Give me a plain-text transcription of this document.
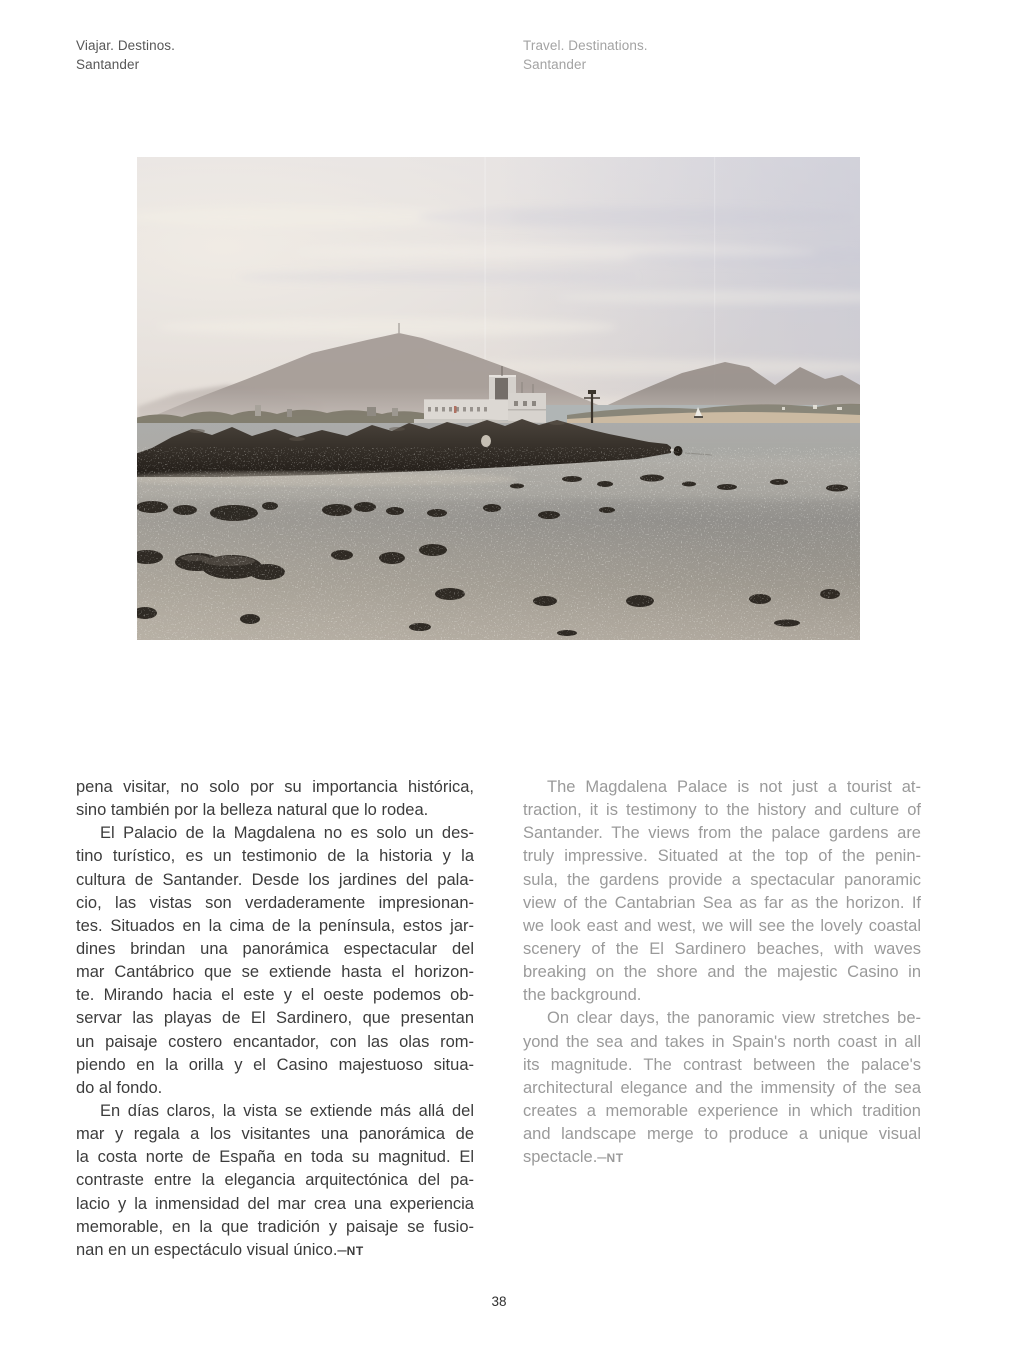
Viajar. Destinos.
Santander
Travel. Destinations.
Santander
pena visitar, no solo por su importancia histórica,
sino también por la belleza natural que lo rodea.
El Palacio de la Magdalena no es solo un des-
tino turístico, es un testimonio de la historia y la
cultura de Santander. Desde los jardines del pala-
cio, las vistas son verdaderamente impresionan-
tes. Situados en la cima de la península, estos jar-
dines brindan una panorámica espectacular del
mar Cantábrico que se extiende hasta el horizon-
te. Mirando hacia el este y el oeste podemos ob-
servar las playas de El Sardinero, que presentan
un paisaje costero encantador, con las olas rom-
piendo en la orilla y el Casino majestuoso situa-
do al fondo.
En días claros, la vista se extiende más allá del
mar y regala a los visitantes una panorámica de
la costa norte de España en toda su magnitud. El
contraste entre la elegancia arquitectónica del pa-
lacio y la inmensidad del mar crea una experiencia
memorable, en la que tradición y paisaje se fusio-
nan en un espectáculo visual único.–NT
The Magdalena Palace is not just a tourist at-
traction, it is testimony to the history and culture of
Santander. The views from the palace gardens are
truly impressive. Situated at the top of the penin-
sula, the gardens provide a spectacular panoramic
view of the Cantabrian Sea as far as the horizon. If
we look east and west, we will see the lovely coastal
scenery of the El Sardinero beaches, with waves
breaking on the shore and the majestic Casino in
the background.
On clear days, the panoramic view stretches be-
yond the sea and takes in Spain's north coast in all
its magnitude. The contrast between the palace's
architectural elegance and the immensity of the sea
creates a memorable experience in which tradition
and landscape merge to produce a unique visual
spectacle.–NT
38
